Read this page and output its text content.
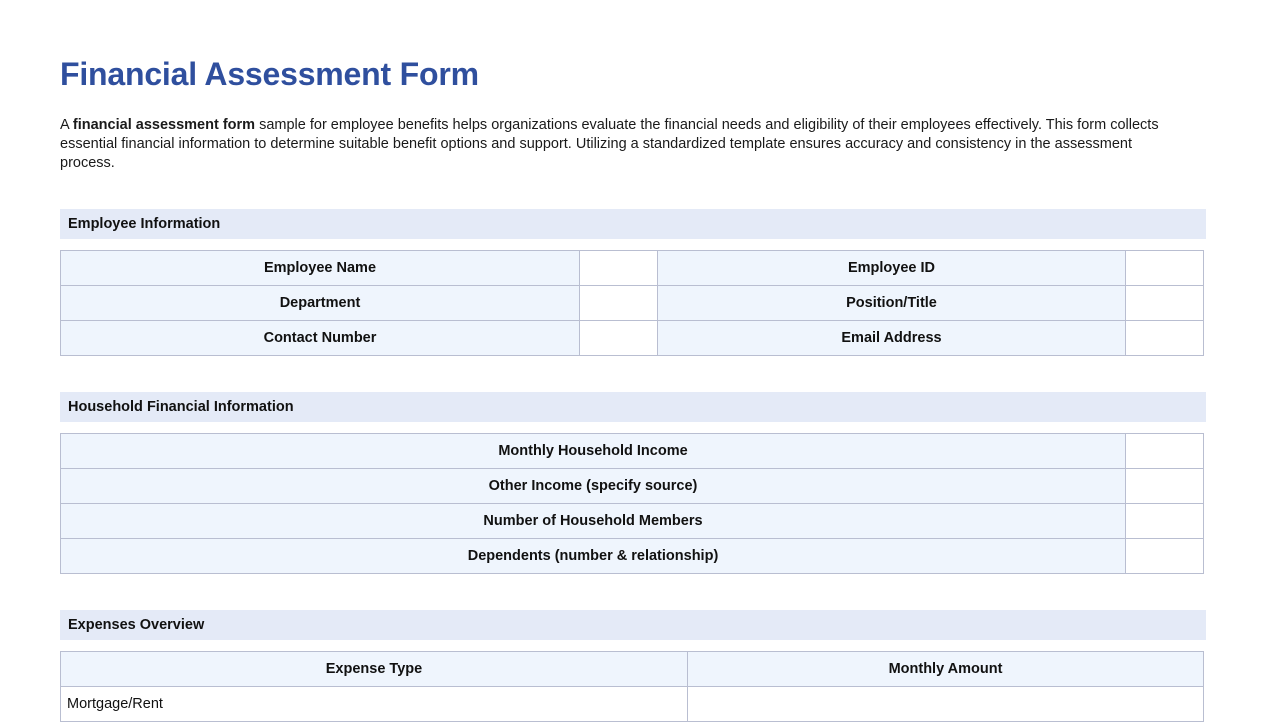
Financial Assessment Form

A financial assessment form sample for employee benefits helps organizations evaluate the financial needs and eligibility of their employees effectively. This form collects essential financial information to determine suitable benefit options and support. Utilizing a standardized template ensures accuracy and consistency in the assessment process.

Employee Information
Employee Name		Employee ID	
Department		Position/Title	
Contact Number		Email Address	
Household Financial Information
Monthly Household Income	
Other Income (specify source)	
Number of Household Members	
Dependents (number & relationship)	
Expenses Overview
Expense Type	Monthly Amount
Mortgage/Rent	
